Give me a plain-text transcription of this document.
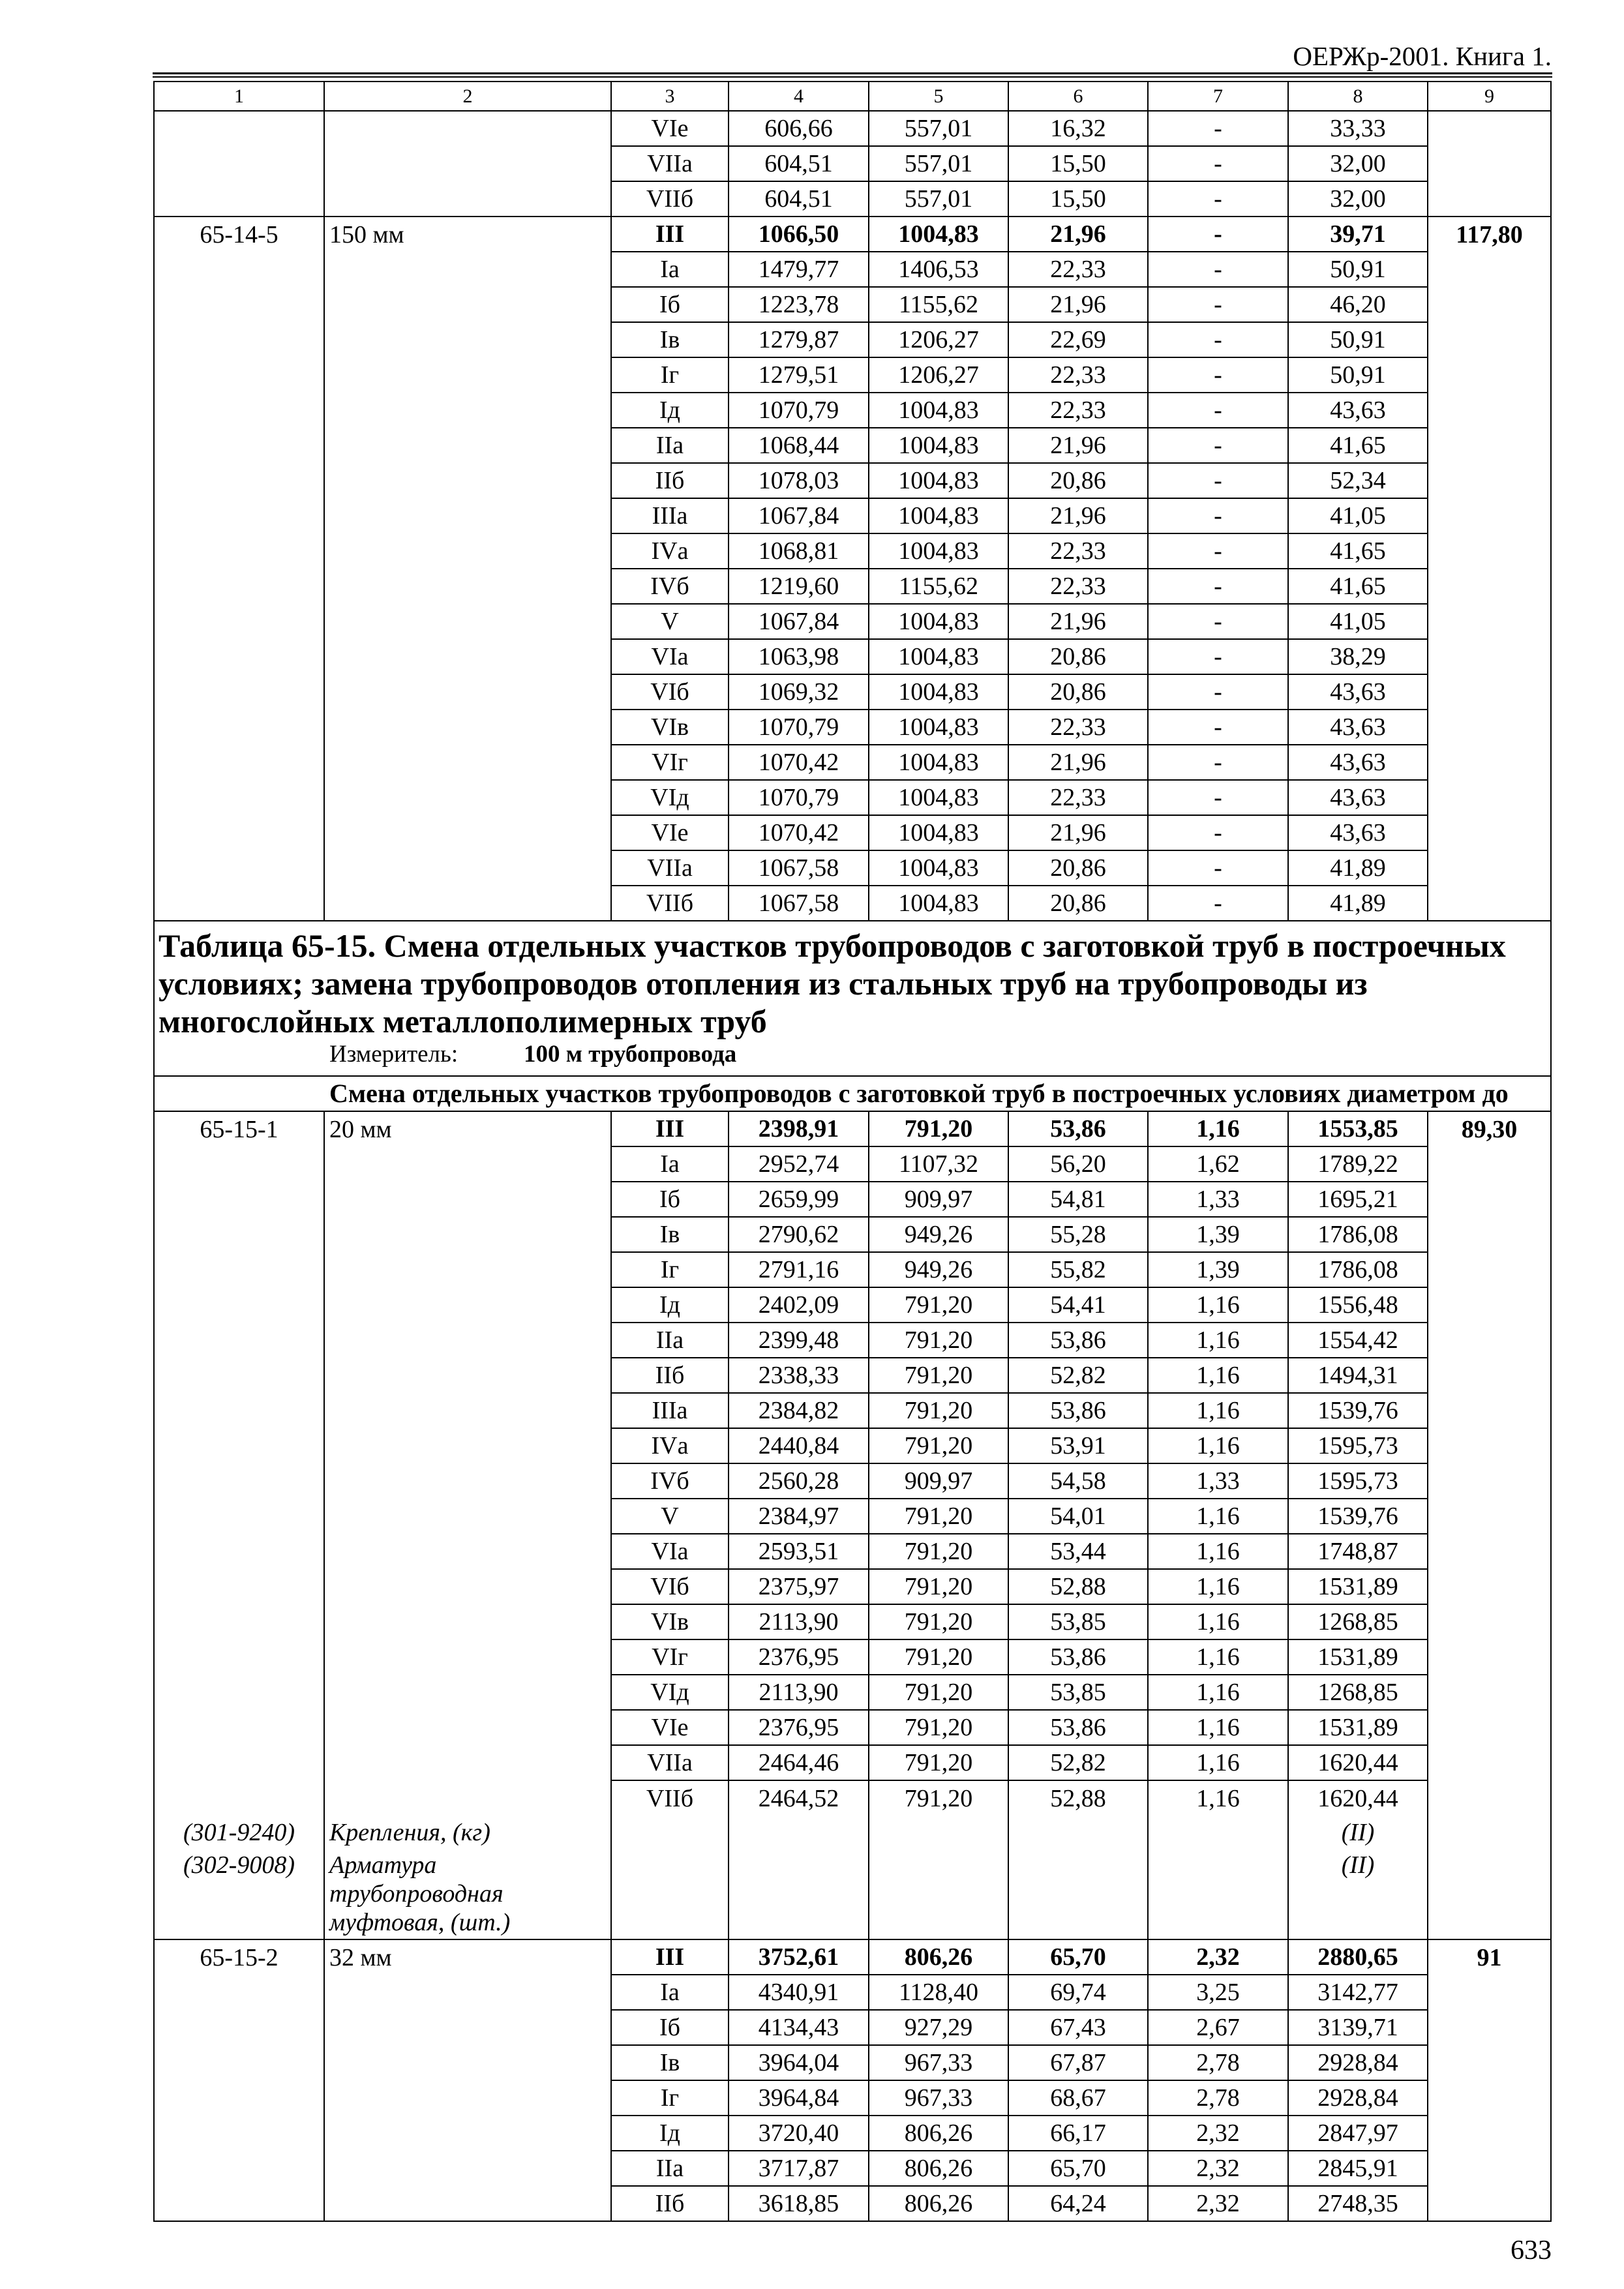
ОЕРЖр-2001. Книга 1.
1	2	3	4	5	6	7	8	9
		VIе	606,66	557,01	16,32	-	33,33	
		VIIа	604,51	557,01	15,50	-	32,00	
		VIIб	604,51	557,01	15,50	-	32,00	
65-14-5	150 мм	III	1066,50	1004,83	21,96	-	39,71	117,80
		Iа	1479,77	1406,53	22,33	-	50,91	
		Iб	1223,78	1155,62	21,96	-	46,20	
		Iв	1279,87	1206,27	22,69	-	50,91	
		Iг	1279,51	1206,27	22,33	-	50,91	
		Iд	1070,79	1004,83	22,33	-	43,63	
		IIа	1068,44	1004,83	21,96	-	41,65	
		IIб	1078,03	1004,83	20,86	-	52,34	
		IIIа	1067,84	1004,83	21,96	-	41,05	
		IVа	1068,81	1004,83	22,33	-	41,65	
		IVб	1219,60	1155,62	22,33	-	41,65	
		V	1067,84	1004,83	21,96	-	41,05	
		VIа	1063,98	1004,83	20,86	-	38,29	
		VIб	1069,32	1004,83	20,86	-	43,63	
		VIв	1070,79	1004,83	22,33	-	43,63	
		VIг	1070,42	1004,83	21,96	-	43,63	
		VIд	1070,79	1004,83	22,33	-	43,63	
		VIе	1070,42	1004,83	21,96	-	43,63	
		VIIа	1067,58	1004,83	20,86	-	41,89	
		VIIб	1067,58	1004,83	20,86	-	41,89	

Таблица 65-15. Смена отдельных участков трубопроводов с заготовкой труб в построечных
условиях; замена трубопроводов отопления из стальных труб на трубопроводы из
многослойных металлополимерных труб
Измеритель: 100 м трубопровода								

Смена отдельных участков трубопроводов с заготовкой труб в построечных условиях диаметром до								
65-15-1	20 мм	III	2398,91	791,20	53,86	1,16	1553,85	89,30
		Iа	2952,74	1107,32	56,20	1,62	1789,22	
		Iб	2659,99	909,97	54,81	1,33	1695,21	
		Iв	2790,62	949,26	55,28	1,39	1786,08	
		Iг	2791,16	949,26	55,82	1,39	1786,08	
		Iд	2402,09	791,20	54,41	1,16	1556,48	
		IIа	2399,48	791,20	53,86	1,16	1554,42	
		IIб	2338,33	791,20	52,82	1,16	1494,31	
		IIIа	2384,82	791,20	53,86	1,16	1539,76	
		IVа	2440,84	791,20	53,91	1,16	1595,73	
		IVб	2560,28	909,97	54,58	1,33	1595,73	
		V	2384,97	791,20	54,01	1,16	1539,76	
		VIа	2593,51	791,20	53,44	1,16	1748,87	
		VIб	2375,97	791,20	52,88	1,16	1531,89	
		VIв	2113,90	791,20	53,85	1,16	1268,85	
		VIг	2376,95	791,20	53,86	1,16	1531,89	
		VIд	2113,90	791,20	53,85	1,16	1268,85	
		VIе	2376,95	791,20	53,86	1,16	1531,89	
		VIIа	2464,46	791,20	52,82	1,16	1620,44	
		VIIб	2464,52	791,20	52,88	1,16	1620,44	
(301-9240)	Крепления, (кг)						(II)	
(302-9008)	Арматура трубопроводная муфтовая, (шт.)						(II)	
65-15-2	32 мм	III	3752,61	806,26	65,70	2,32	2880,65	91
		Iа	4340,91	1128,40	69,74	3,25	3142,77	
		Iб	4134,43	927,29	67,43	2,67	3139,71	
		Iв	3964,04	967,33	67,87	2,78	2928,84	
		Iг	3964,84	967,33	68,67	2,78	2928,84	
		Iд	3720,40	806,26	66,17	2,32	2847,97	
		IIа	3717,87	806,26	65,70	2,32	2845,91	
		IIб	3618,85	806,26	64,24	2,32	2748,35	
633
